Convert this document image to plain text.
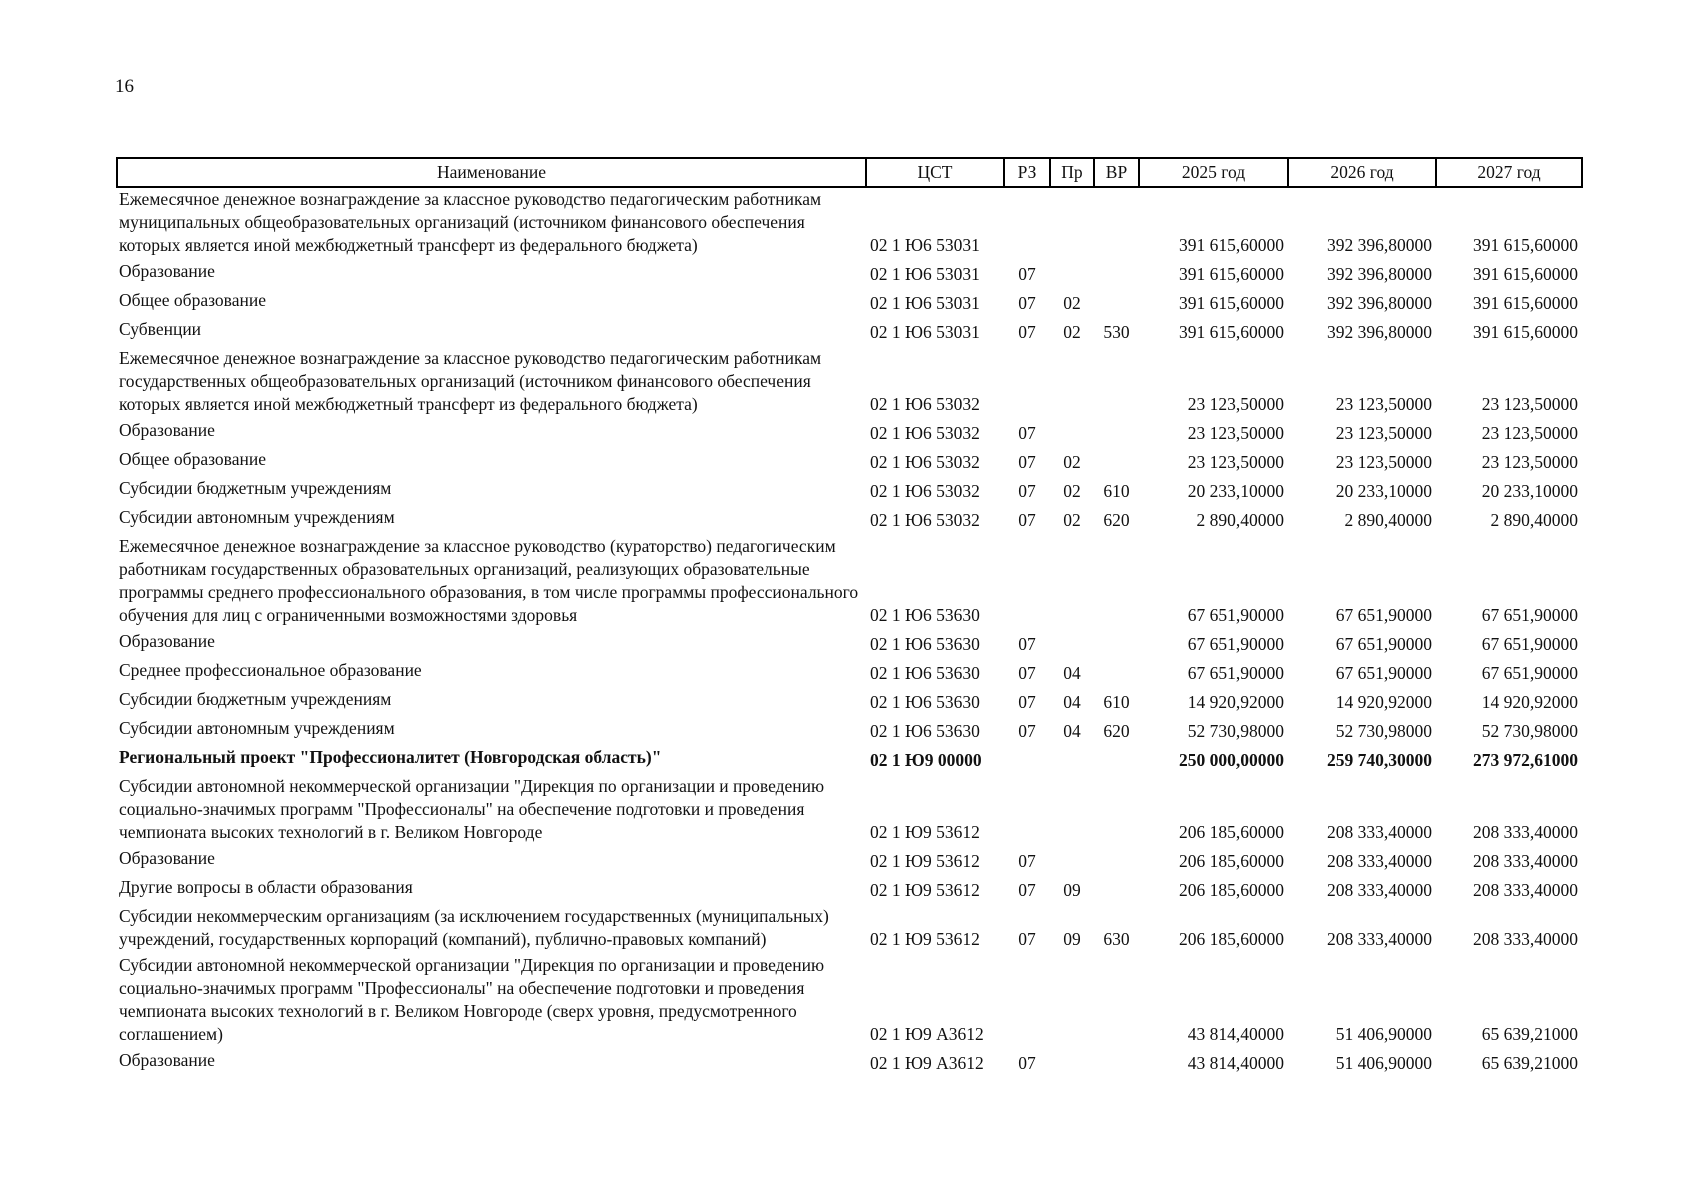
16
Наименование	ЦСТ	РЗ	Пр	ВР	2025 год	2026 год	2027 год
Ежемесячное денежное вознаграждение за классное руководство педагогическим работникам муниципальных общеобразовательных организаций (источником финансового обеспечения которых является иной межбюджетный трансферт из федерального бюджета)	02 1 Ю6 53031				391 615,60000	392 396,80000	391 615,60000
Образование	02 1 Ю6 53031	07			391 615,60000	392 396,80000	391 615,60000
Общее образование	02 1 Ю6 53031	07	02		391 615,60000	392 396,80000	391 615,60000
Субвенции	02 1 Ю6 53031	07	02	530	391 615,60000	392 396,80000	391 615,60000
Ежемесячное денежное вознаграждение за классное руководство педагогическим работникам государственных общеобразовательных организаций (источником финансового обеспечения которых является иной межбюджетный трансферт из федерального бюджета)	02 1 Ю6 53032				23 123,50000	23 123,50000	23 123,50000
Образование	02 1 Ю6 53032	07			23 123,50000	23 123,50000	23 123,50000
Общее образование	02 1 Ю6 53032	07	02		23 123,50000	23 123,50000	23 123,50000
Субсидии бюджетным учреждениям	02 1 Ю6 53032	07	02	610	20 233,10000	20 233,10000	20 233,10000
Субсидии автономным учреждениям	02 1 Ю6 53032	07	02	620	2 890,40000	2 890,40000	2 890,40000
Ежемесячное денежное вознаграждение за классное руководство (кураторство) педагогическим работникам государственных образовательных организаций, реализующих образовательные программы среднего профессионального образования, в том числе программы профессионального обучения для лиц с ограниченными возможностями здоровья	02 1 Ю6 53630				67 651,90000	67 651,90000	67 651,90000
Образование	02 1 Ю6 53630	07			67 651,90000	67 651,90000	67 651,90000
Среднее профессиональное образование	02 1 Ю6 53630	07	04		67 651,90000	67 651,90000	67 651,90000
Субсидии бюджетным учреждениям	02 1 Ю6 53630	07	04	610	14 920,92000	14 920,92000	14 920,92000
Субсидии автономным учреждениям	02 1 Ю6 53630	07	04	620	52 730,98000	52 730,98000	52 730,98000
Региональный проект "Профессионалитет (Новгородская область)"	02 1 Ю9 00000				250 000,00000	259 740,30000	273 972,61000
Субсидии автономной некоммерческой организации "Дирекция по организации и проведению социально-значимых программ "Профессионалы" на обеспечение подготовки и проведения чемпионата высоких технологий в г. Великом Новгороде	02 1 Ю9 53612				206 185,60000	208 333,40000	208 333,40000
Образование	02 1 Ю9 53612	07			206 185,60000	208 333,40000	208 333,40000
Другие вопросы в области образования	02 1 Ю9 53612	07	09		206 185,60000	208 333,40000	208 333,40000
Субсидии некоммерческим организациям (за исключением государственных (муниципальных) учреждений, государственных корпораций (компаний), публично-правовых компаний)	02 1 Ю9 53612	07	09	630	206 185,60000	208 333,40000	208 333,40000
Субсидии автономной некоммерческой организации "Дирекция по организации и проведению социально-значимых программ "Профессионалы" на обеспечение подготовки и проведения чемпионата высоких технологий в г. Великом Новгороде (сверх уровня, предусмотренного соглашением)	02 1 Ю9 А3612				43 814,40000	51 406,90000	65 639,21000
Образование	02 1 Ю9 А3612	07			43 814,40000	51 406,90000	65 639,21000
